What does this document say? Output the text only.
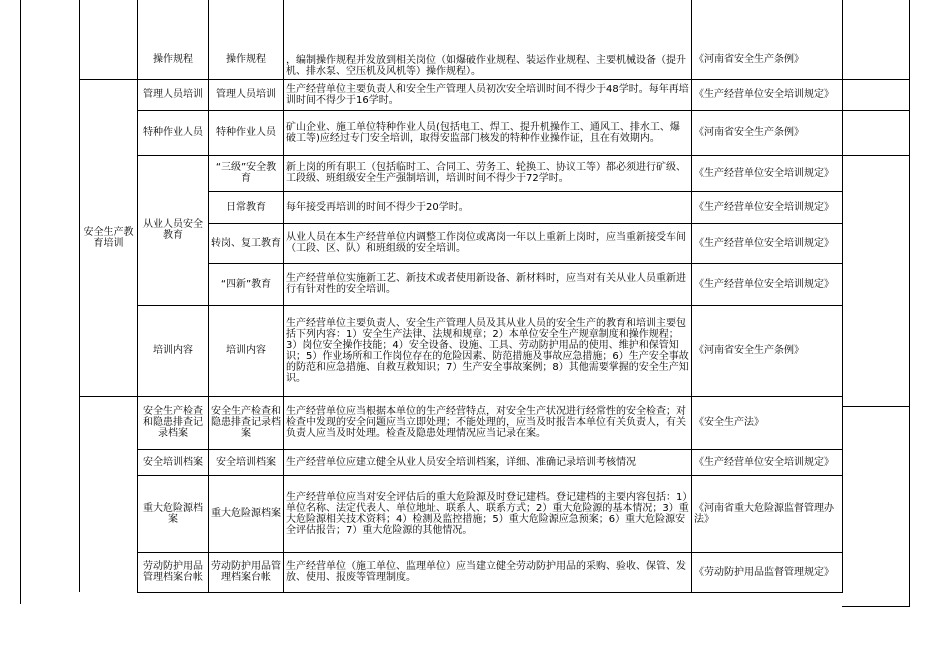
	操作规程	操作规程	，编制操作规程并发放到相关岗位（如爆破作业规程、装运作业规程、主要机械设备（提升机、排水泵、空压机及风机等）操作规程）。	《河南省安全生产条例》
安全生产教育培训	管理人员培训	管理人员培训	生产经营单位主要负责人和安全生产管理人员初次安全培训时间不得少于48学时。每年再培训时间不得少于16学时。	《生产经营单位安全培训规定》
	特种作业人员	特种作业人员	矿山企业、施工单位特种作业人员(包括电工、焊工、提升机操作工、通风工、排水工、爆破工等)应经过专门安全培训，取得安监部门核发的特种作业操作证，且在有效期内。	《河南省安全生产条例》
	从业人员安全教育	“三级”安全教育	新上岗的所有职工（包括临时工、合同工、劳务工、轮换工、协议工等）都必须进行矿级、工段级、班组级安全生产强制培训，培训时间不得少于72学时。	《生产经营单位安全培训规定》
		日常教育	每年接受再培训的时间不得少于20学时。	《生产经营单位安全培训规定》
		转岗、复工教育	从业人员在本生产经营单位内调整工作岗位或离岗一年以上重新上岗时，应当重新接受车间（工段、区、队）和班组级的安全培训。	《生产经营单位安全培训规定》
		“四新”教育	生产经营单位实施新工艺、新技术或者使用新设备、新材料时，应当对有关从业人员重新进行有针对性的安全培训。	《生产经营单位安全培训规定》
	培训内容	培训内容	生产经营单位主要负责人、安全生产管理人员及其从业人员的安全生产的教育和培训主要包括下列内容：1）安全生产法律、法规和规章；2）本单位安全生产规章制度和操作规程；3）岗位安全操作技能；4）安全设备、设施、工具、劳动防护用品的使用、维护和保管知识；5）作业场所和工作岗位存在的危险因素、防范措施及事故应急措施；6）生产安全事故的防范和应急措施、自救互救知识；7）生产安全事故案例；8）其他需要掌握的安全生产知识。	《河南省安全生产条例》
	安全生产检查和隐患排查记录档案	安全生产检查和隐患排查记录档案	生产经营单位应当根据本单位的生产经营特点，对安全生产状况进行经常性的安全检查；对检查中发现的安全问题应当立即处理；不能处理的，应当及时报告本单位有关负责人，有关负责人应当及时处理。检查及隐患处理情况应当记录在案。	《安全生产法》
	安全培训档案	安全培训档案	生产经营单位应建立健全从业人员安全培训档案，详细、准确记录培训考核情况	《生产经营单位安全培训规定》
	重大危险源档案	重大危险源档案	生产经营单位应当对安全评估后的重大危险源及时登记建档。登记建档的主要内容包括：1）单位名称、法定代表人、单位地址、联系人、联系方式；2）重大危险源的基本情况；3）重大危险源相关技术资料；4）检测及监控措施；5）重大危险源应急预案；6）重大危险源安全评估报告；7）重大危险源的其他情况。	《河南省重大危险源监督管理办法》
	劳动防护用品管理档案台帐	劳动防护用品管理档案台帐	生产经营单位（施工单位、监理单位）应当建立健全劳动防护用品的采购、验收、保管、发放、使用、报废等管理制度。	《劳动防护用品监督管理规定》
